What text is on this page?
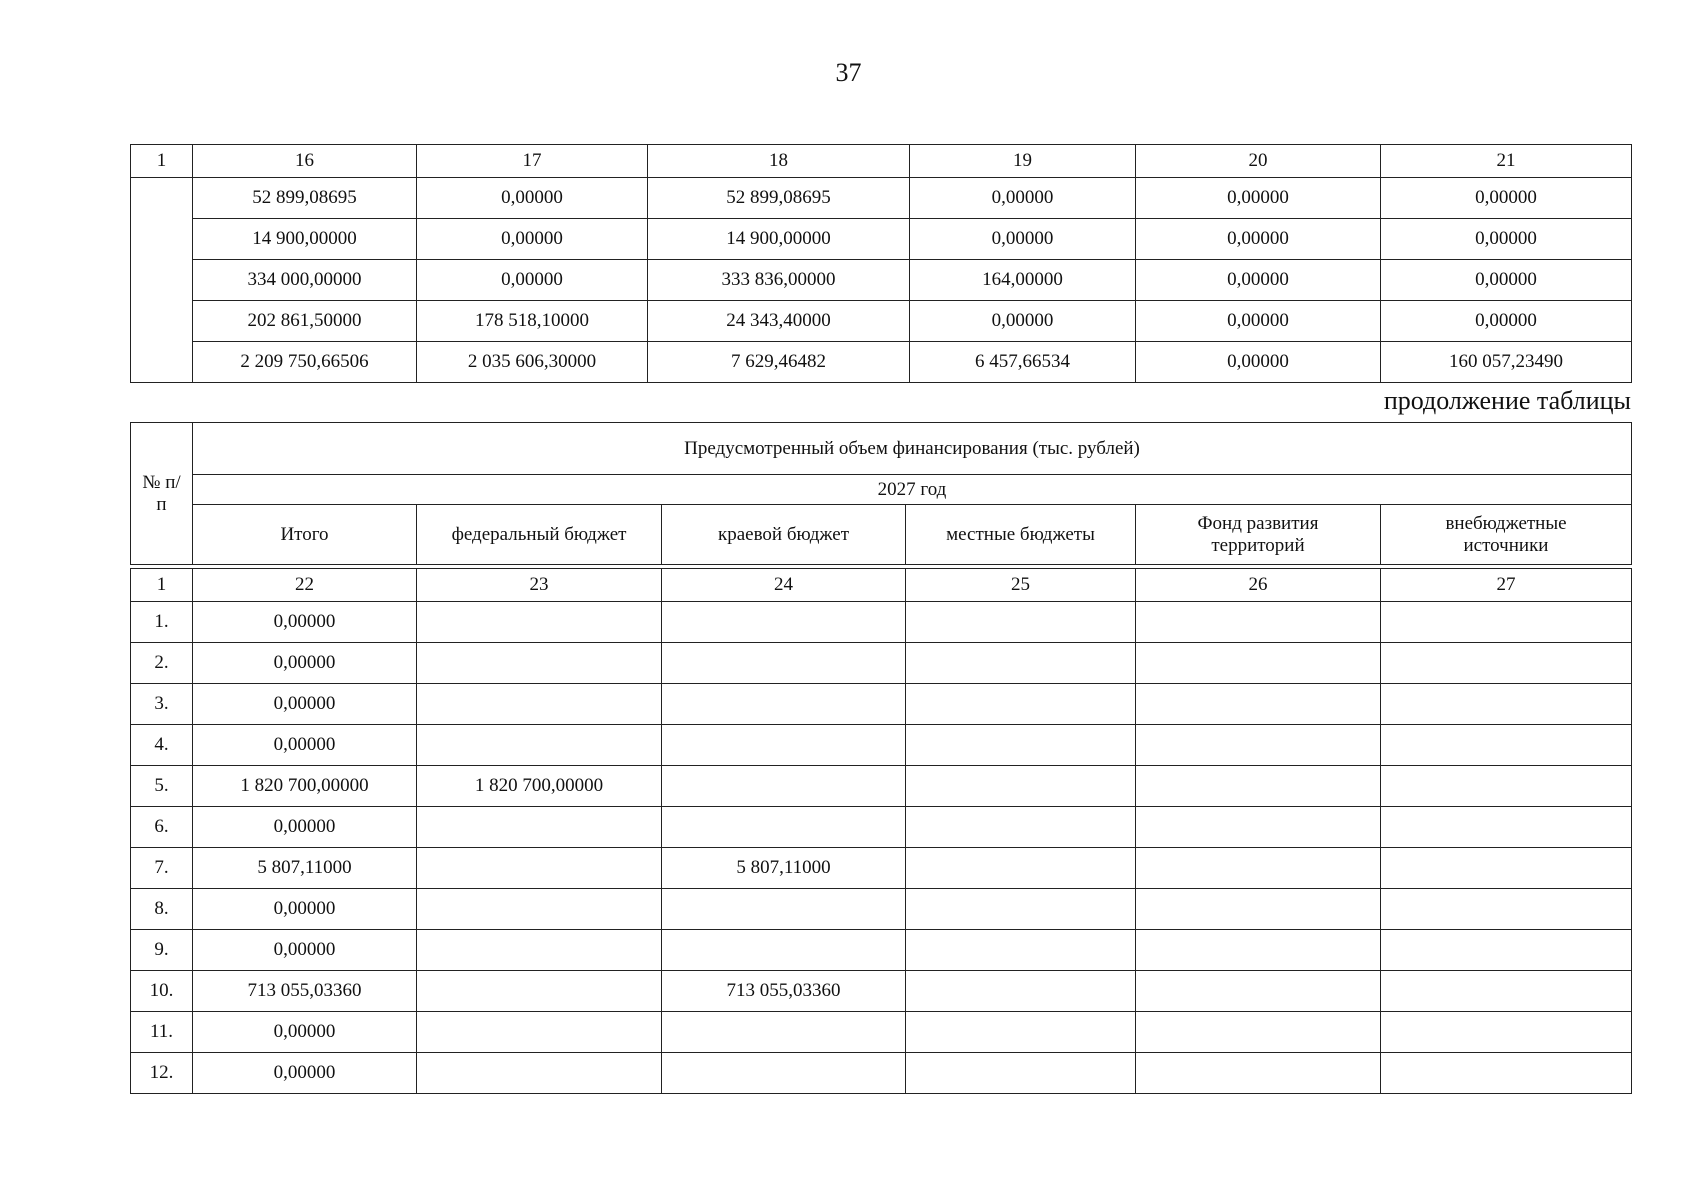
37
1	16	17	18	19	20	21
	52 899,08695	0,00000	52 899,08695	0,00000	0,00000	0,00000
	14 900,00000	0,00000	14 900,00000	0,00000	0,00000	0,00000
	334 000,00000	0,00000	333 836,00000	164,00000	0,00000	0,00000
	202 861,50000	178 518,10000	24 343,40000	0,00000	0,00000	0,00000
	2 209 750,66506	2 035 606,30000	7 629,46482	6 457,66534	0,00000	160 057,23490
продолжение таблицы
№ п/п	Предусмотренный объем финансирования (тыс. рублей)					
	2027 год					
	Итого	федеральный бюджет	краевой бюджет	местные бюджеты	Фонд развития территорий	внебюджетные источники

1	22	23	24	25	26	27
1.	0,00000					
2.	0,00000					
3.	0,00000					
4.	0,00000					
5.	1 820 700,00000	1 820 700,00000				
6.	0,00000					
7.	5 807,11000		5 807,11000			
8.	0,00000					
9.	0,00000					
10.	713 055,03360		713 055,03360			
11.	0,00000					
12.	0,00000					
